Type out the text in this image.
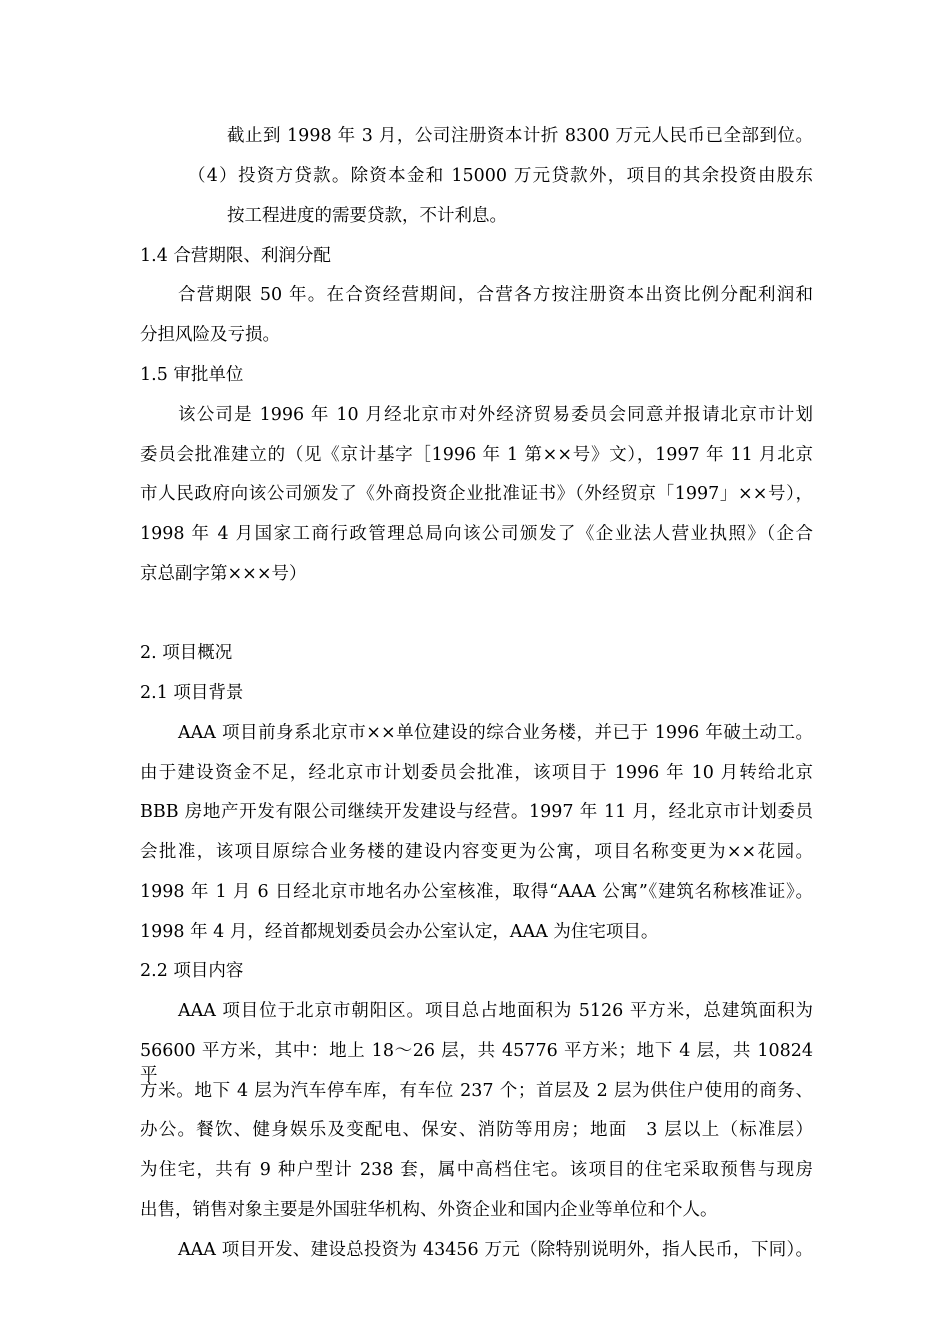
截止到 1998 年 3 月，公司注册资本计折 8300 万元人民币已全部到位。
（4）投资方贷款。除资本金和 15000 万元贷款外，项目的其余投资由股东
按工程进度的需要贷款，不计利息。
1.4 合营期限、利润分配
合营期限 50 年。在合资经营期间，合营各方按注册资本出资比例分配利润和
分担风险及亏损。
1.5 审批单位
该公司是 1996 年 10 月经北京市对外经济贸易委员会同意并报请北京市计划
委员会批准建立的（见《京计基字［1996 年 1 第××号》文），1997 年 11 月北京
市人民政府向该公司颁发了《外商投资企业批准证书》（外经贸京「1997」××号），
1998 年 4 月国家工商行政管理总局向该公司颁发了《企业法人营业执照》（企合
京总副字第×××号）
2. 项目概况
2.1 项目背景
AAA 项目前身系北京市××单位建设的综合业务楼，并已于 1996 年破土动工。
由于建设资金不足，经北京市计划委员会批准，该项目于 1996 年 10 月转给北京
BBB 房地产开发有限公司继续开发建设与经营。1997 年 11 月，经北京市计划委员
会批准，该项目原综合业务楼的建设内容变更为公寓，项目名称变更为××花园。
1998 年 1 月 6 日经北京市地名办公室核准，取得“AAA 公寓”《建筑名称核准证》。
1998 年 4 月，经首都规划委员会办公室认定，AAA 为住宅项目。
2.2 项目内容
AAA 项目位于北京市朝阳区。项目总占地面积为 5126 平方米，总建筑面积为
56600 平方米，其中：地上 18～26 层，共 45776 平方米；地下 4 层，共 10824 平
方米。地下 4 层为汽车停车库，有车位 237 个；首层及 2 层为供住户使用的商务、
办公。餐饮、健身娱乐及变配电、保安、消防等用房；地面　3 层以上（标准层）
为住宅，共有 9 种户型计 238 套，属中高档住宅。该项目的住宅采取预售与现房
出售，销售对象主要是外国驻华机构、外资企业和国内企业等单位和个人。
AAA 项目开发、建设总投资为 43456 万元（除特别说明外，指人民币，下同）。
